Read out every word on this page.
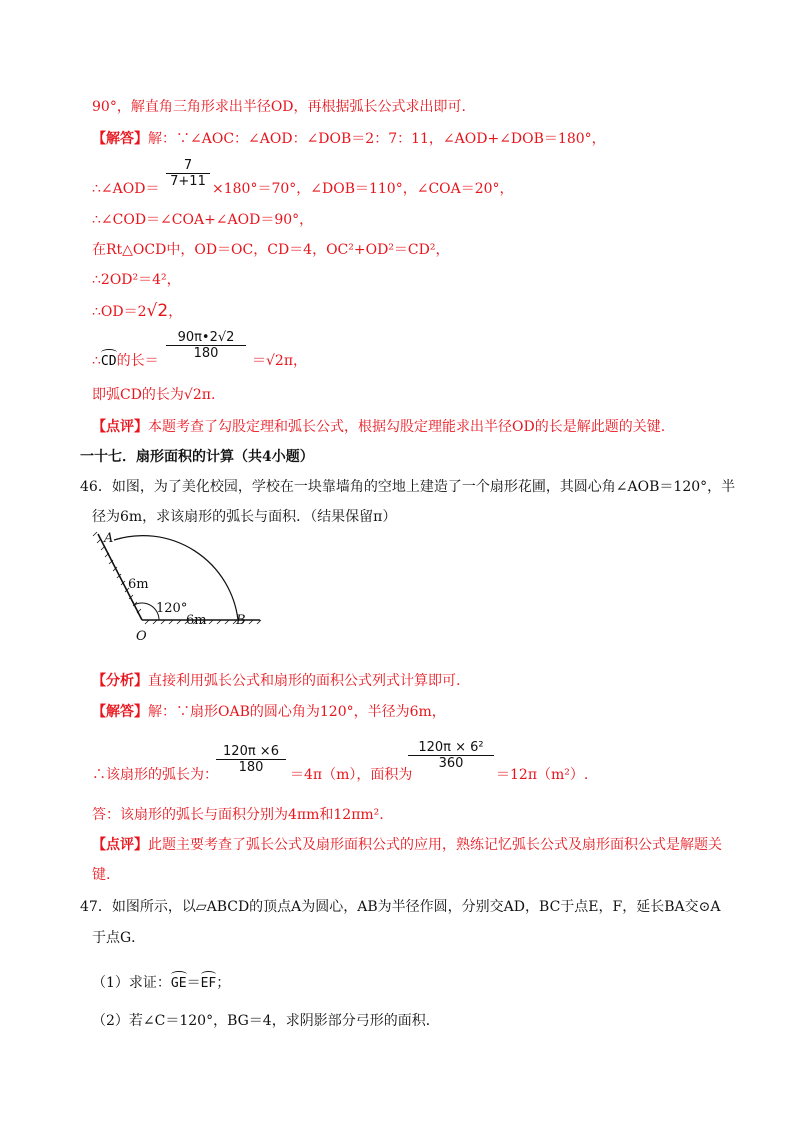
90°，解直角三角形求出半径OD，再根据弧长公式求出即可.
【解答】解：∵∠AOC：∠AOD：∠DOB＝2：7：11，∠AOD+∠DOB＝180°，
∴∠AOD＝
7
7+11 ×180°＝70°，∠DOB＝110°，∠COA＝20°，
∴∠COD＝∠COA+∠AOD＝90°，
在Rt△OCD中，OD＝OC，CD＝4，OC²+OD²＝CD²，
∴2OD²＝4²，
∴OD＝2√2，
∴CD的长＝
90π•2√2
180	＝√2π，
即弧CD的长为√2π.
【点评】本题考查了勾股定理和弧长公式，根据勾股定理能求出半径OD的长是解此题的关键.
一十七．扇形面积的计算（共4小题）
46．如图，为了美化校园，学校在一块靠墙角的空地上建造了一个扇形花圃，其圆心角∠AOB＝120°，半
径为6m，求该扇形的弧长与面积．（结果保留π）
A
6m
120°
6m B
O
【分析】直接利用弧长公式和扇形的面积公式列式计算即可.
【解答】解：∵扇形OAB的圆心角为120°，半径为6m，
∴该扇形的弧长为：
120π ×6
180	＝4π（m），面积为
120π × 6²
360
＝12π（m²）.
答：该扇形的弧长与面积分别为4πm和12πm².
【点评】此题主要考查了弧长公式及扇形面积公式的应用，熟练记忆弧长公式及扇形面积公式是解题关
键.
47．如图所示，以▱ABCD的顶点A为圆心，AB为半径作圆，分别交AD，BC于点E，F，延长BA交⊙A
于点G．
（1）求证：GE＝EF；
（2）若∠C＝120°，BG＝4，求阴影部分弓形的面积．
